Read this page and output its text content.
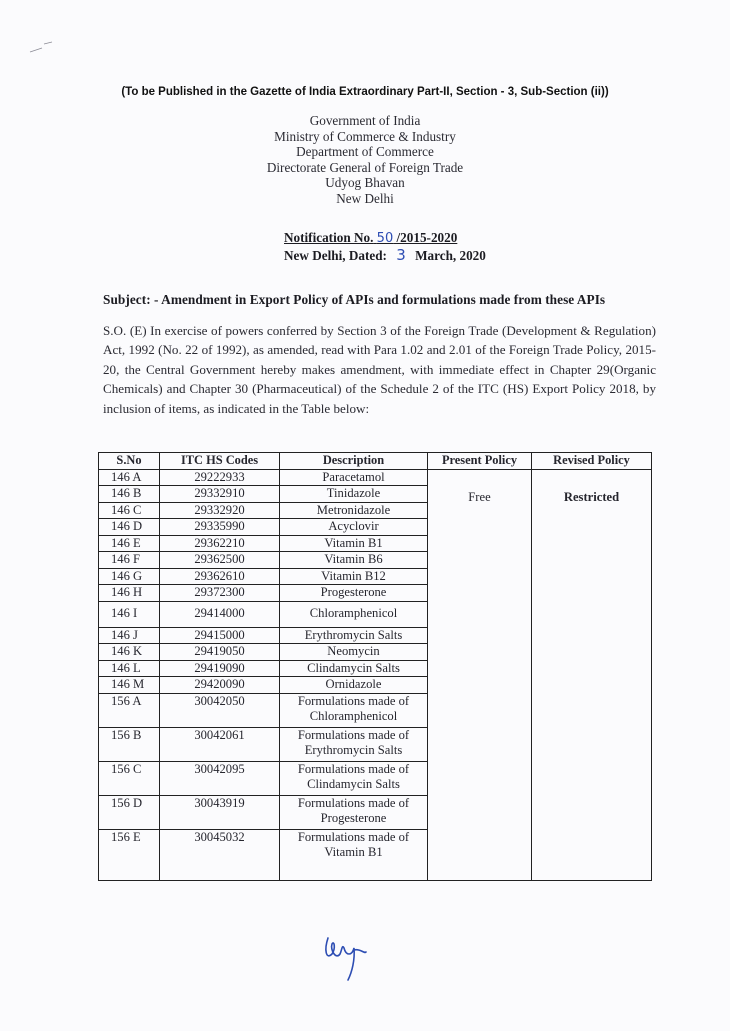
(To be Published in the Gazette of India Extraordinary Part-II, Section - 3, Sub-Section (ii))
Government of India
Ministry of Commerce & Industry
Department of Commerce
Directorate General of Foreign Trade
Udyog Bhavan
New Delhi
Notification No. 50 /2015-2020
New Delhi, Dated: 3 March, 2020
Subject: - Amendment in Export Policy of APIs and formulations made from these APIs
S.O. (E) In exercise of powers conferred by Section 3 of the Foreign Trade (Development & Regulation) Act, 1992 (No. 22 of 1992), as amended, read with Para 1.02 and 2.01 of the Foreign Trade Policy, 2015-20, the Central Government hereby makes amendment, with immediate effect in Chapter 29(Organic Chemicals) and Chapter 30 (Pharmaceutical) of the Schedule 2 of the ITC (HS) Export Policy 2018, by inclusion of items, as indicated in the Table below:
S.No	ITC HS Codes	Description	Present Policy	Revised Policy
146 A	29222933	Paracetamol	Free	Restricted
146 B	29332910	Tinidazole		
146 C	29332920	Metronidazole		
146 D	29335990	Acyclovir		
146 E	29362210	Vitamin B1		
146 F	29362500	Vitamin B6		
146 G	29362610	Vitamin B12		
146 H	29372300	Progesterone		
146 I	29414000	Chloramphenicol		
146 J	29415000	Erythromycin Salts		
146 K	29419050	Neomycin		
146 L	29419090	Clindamycin Salts		
146 M	29420090	Ornidazole		
156 A	30042050	Formulations made of Chloramphenicol		
156 B	30042061	Formulations made of Erythromycin Salts		
156 C	30042095	Formulations made of Clindamycin Salts		
156 D	30043919	Formulations made of Progesterone		
156 E	30045032	Formulations made of Vitamin B1		
